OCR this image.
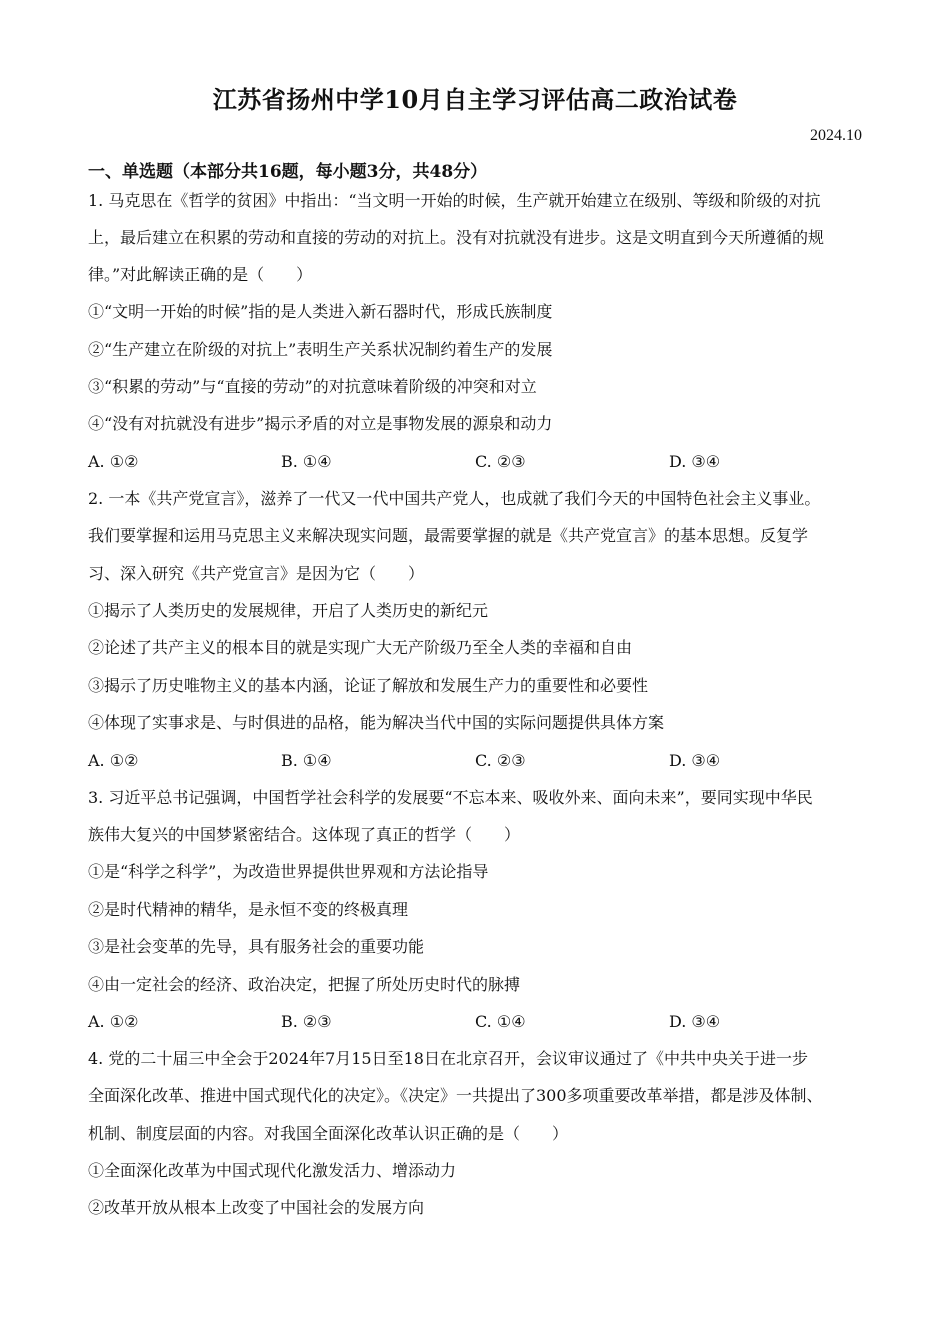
江苏省扬州中学10月自主学习评估高二政治试卷
2024.10
一、单选题（本部分共16题，每小题3分，共48分）
1. 马克思在《哲学的贫困》中指出：“当文明一开始的时候，生产就开始建立在级别、等级和阶级的对抗
上，最后建立在积累的劳动和直接的劳动的对抗上。没有对抗就没有进步。这是文明直到今天所遵循的规
律。”对此解读正确的是（　　）
①“文明一开始的时候”指的是人类进入新石器时代，形成氏族制度
②“生产建立在阶级的对抗上”表明生产关系状况制约着生产的发展
③“积累的劳动”与“直接的劳动”的对抗意味着阶级的冲突和对立
④“没有对抗就没有进步”揭示矛盾的对立是事物发展的源泉和动力
A. ①②	B. ①④	C. ②③	D. ③④
2. 一本《共产党宣言》，滋养了一代又一代中国共产党人，也成就了我们今天的中国特色社会主义事业。
我们要掌握和运用马克思主义来解决现实问题，最需要掌握的就是《共产党宣言》的基本思想。反复学
习、深入研究《共产党宣言》是因为它（　　）
①揭示了人类历史的发展规律，开启了人类历史的新纪元
②论述了共产主义的根本目的就是实现广大无产阶级乃至全人类的幸福和自由
③揭示了历史唯物主义的基本内涵，论证了解放和发展生产力的重要性和必要性
④体现了实事求是、与时俱进的品格，能为解决当代中国的实际问题提供具体方案
A. ①②	B. ①④	C. ②③	D. ③④
3. 习近平总书记强调，中国哲学社会科学的发展要“不忘本来、吸收外来、面向未来”，要同实现中华民
族伟大复兴的中国梦紧密结合。这体现了真正的哲学（　　）
①是“科学之科学”，为改造世界提供世界观和方法论指导
②是时代精神的精华，是永恒不变的终极真理
③是社会变革的先导，具有服务社会的重要功能
④由一定社会的经济、政治决定，把握了所处历史时代的脉搏
A. ①②	B. ②③	C. ①④	D. ③④
4. 党的二十届三中全会于2024年7月15日至18日在北京召开，会议审议通过了《中共中央关于进一步
全面深化改革、推进中国式现代化的决定》。《决定》一共提出了300多项重要改革举措，都是涉及体制、
机制、制度层面的内容。对我国全面深化改革认识正确的是（　　）
①全面深化改革为中国式现代化激发活力、增添动力
②改革开放从根本上改变了中国社会的发展方向
